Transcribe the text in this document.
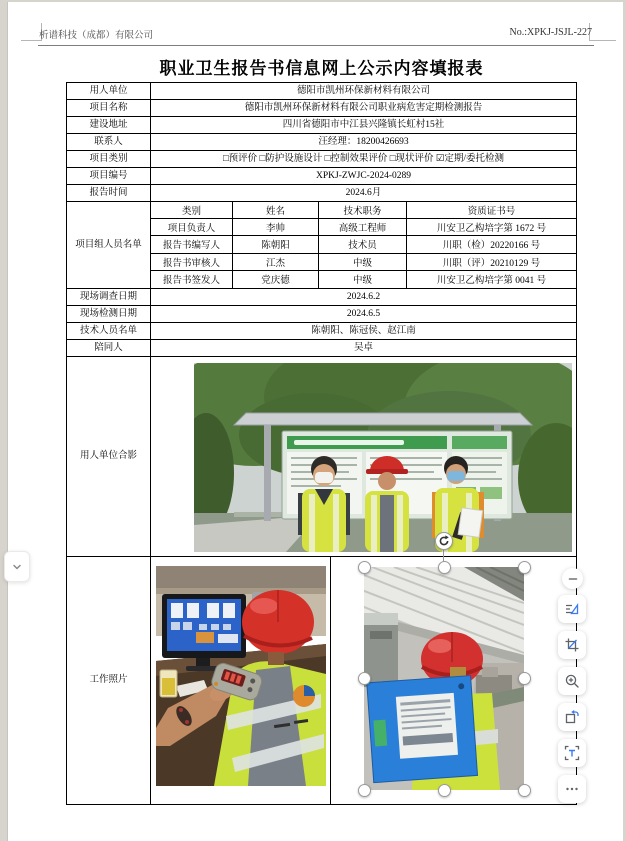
析谱科技（成都）有限公司	No.:XPKJ-JSJL-227
职业卫生报告书信息网上公示内容填报表
用人单位	德阳市凯州环保新材料有限公司
项目名称	德阳市凯州环保新材料有限公司职业病危害定期检测报告
建设地址	四川省德阳市中江县兴隆镇长虹村15社
联系人	汪经理：18200426693
项目类别	□预评价 □防护设施设计 □控制效果评价 □现状评价 ☑定期/委托检测
项目编号	XPKJ-ZWJC-2024-0289
报告时间	2024.6月
项目组人员名单
类别	姓名	技术职务	资质证书号
项目负责人	李帅	高级工程师	川安卫乙构培字第 1672 号
报告书编写人	陈朝阳	技术员	川职（检）20220166 号
报告书审核人	江杰	中级	川职（评）20210129 号
报告书签发人	党庆德	中级	川安卫乙构培字第 0041 号
现场调查日期	2024.6.2
现场检测日期	2024.6.5
技术人员名单	陈朝阳、陈冠侯、赵江南
陪同人	吴卓
用人单位合影
工作照片
